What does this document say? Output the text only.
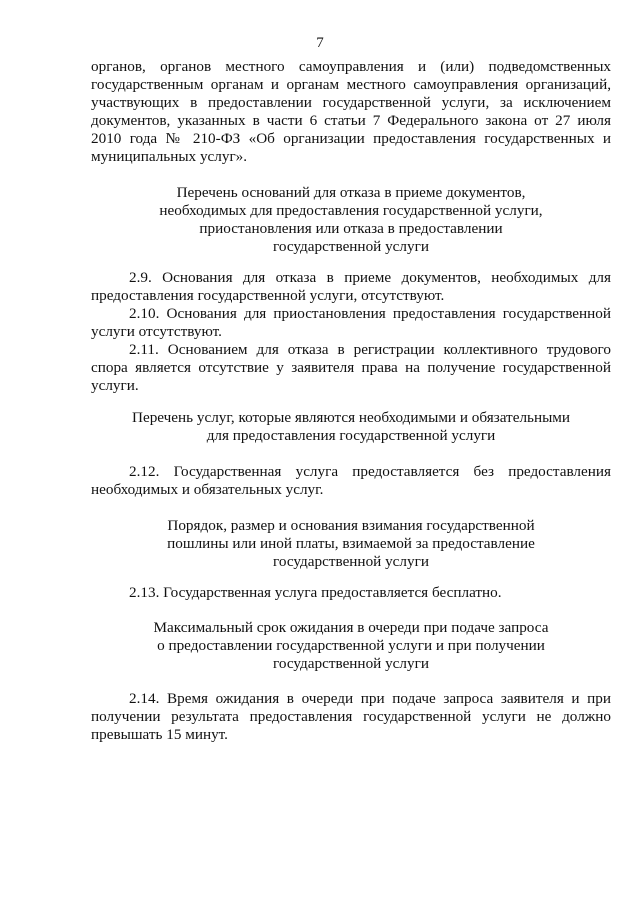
7
органов, органов местного самоуправления и (или) подведомственных
государственным органам и органам местного самоуправления организаций,
участвующих в предоставлении государственной услуги, за исключением
документов, указанных в части 6 статьи 7 Федерального закона от 27 июля
2010 года № 210-ФЗ «Об организации предоставления государственных и
муниципальных услуг».
Перечень оснований для отказа в приеме документов,
необходимых для предоставления государственной услуги,
приостановления или отказа в предоставлении
государственной услуги
2.9. Основания для отказа в приеме документов, необходимых для
предоставления государственной услуги, отсутствуют.
2.10. Основания для приостановления предоставления государственной
услуги отсутствуют.
2.11. Основанием для отказа в регистрации коллективного трудового
спора является отсутствие у заявителя права на получение государственной
услуги.
Перечень услуг, которые являются необходимыми и обязательными
для предоставления государственной услуги
2.12. Государственная услуга предоставляется без предоставления
необходимых и обязательных услуг.
Порядок, размер и основания взимания государственной
пошлины или иной платы, взимаемой за предоставление
государственной услуги
2.13. Государственная услуга предоставляется бесплатно.
Максимальный срок ожидания в очереди при подаче запроса
о предоставлении государственной услуги и при получении
государственной услуги
2.14. Время ожидания в очереди при подаче запроса заявителя и при
получении результата предоставления государственной услуги не должно
превышать 15 минут.
